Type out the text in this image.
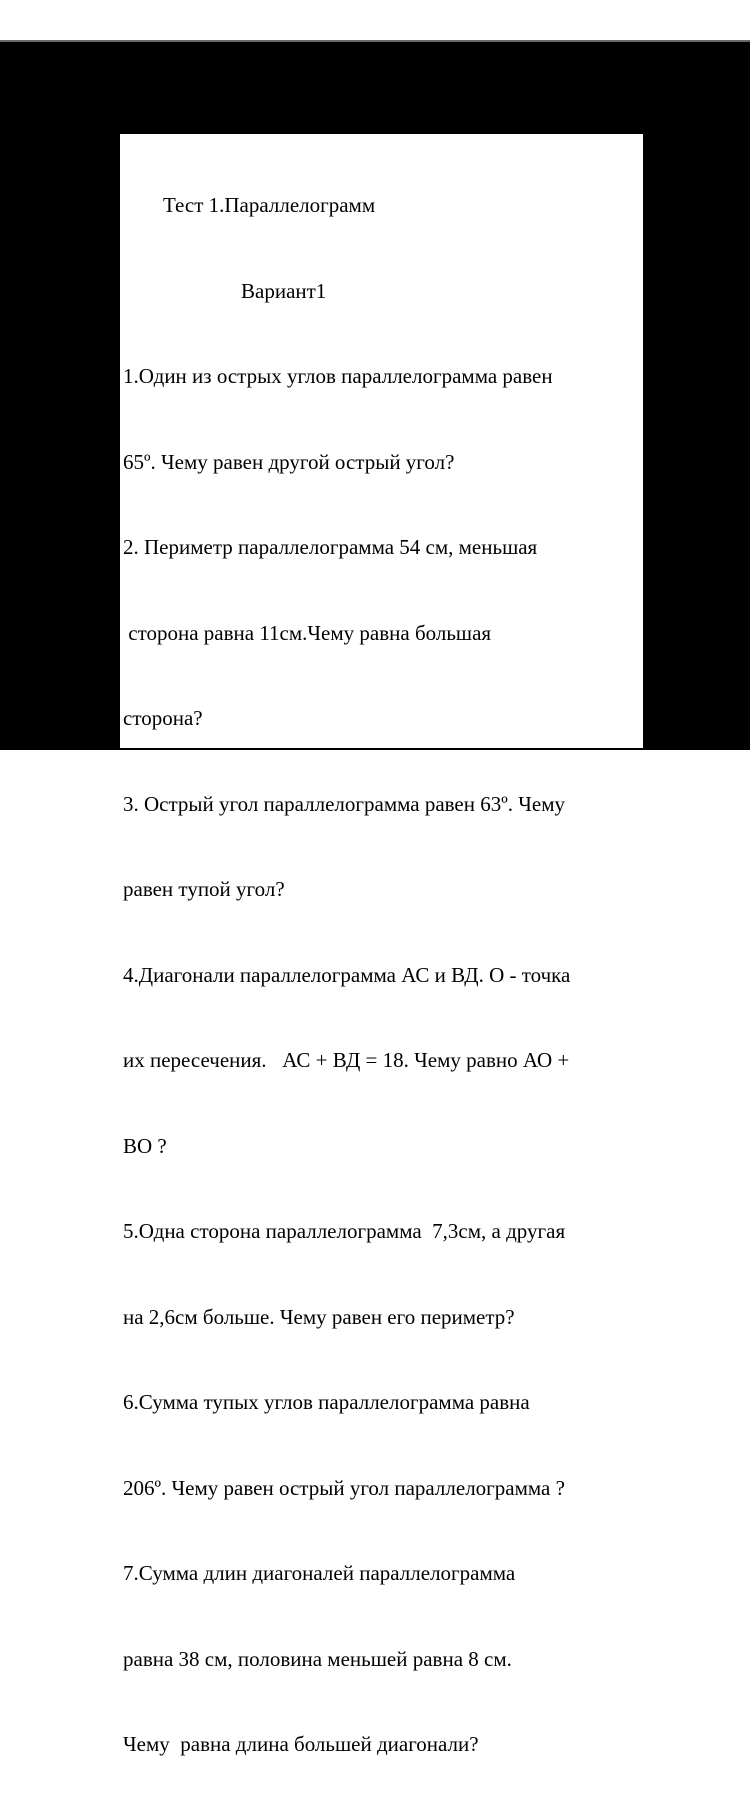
Тест 1.Параллелограмм

Вариант1

1.Один из острых углов параллелограмма равен

65º. Чему равен другой острый угол?

2. Периметр параллелограмма 54 см, меньшая

сторона равна 11см.Чему равна большая

сторона?

3. Острый угол параллелограмма равен 63º. Чему

равен тупой угол?

4.Диагонали параллелограмма АС и ВД. О - точка

их пересечения.   АС + ВД = 18. Чему равно АО +

ВО ?

5.Одна сторона параллелограмма  7,3см, а другая

на 2,6см больше. Чему равен его периметр?

6.Сумма тупых углов параллелограмма равна

206º. Чему равен острый угол параллелограмма ?

7.Сумма длин диагоналей параллелограмма

равна 38 см, половина меньшей равна 8 см.

Чему  равна длина большей диагонали?
